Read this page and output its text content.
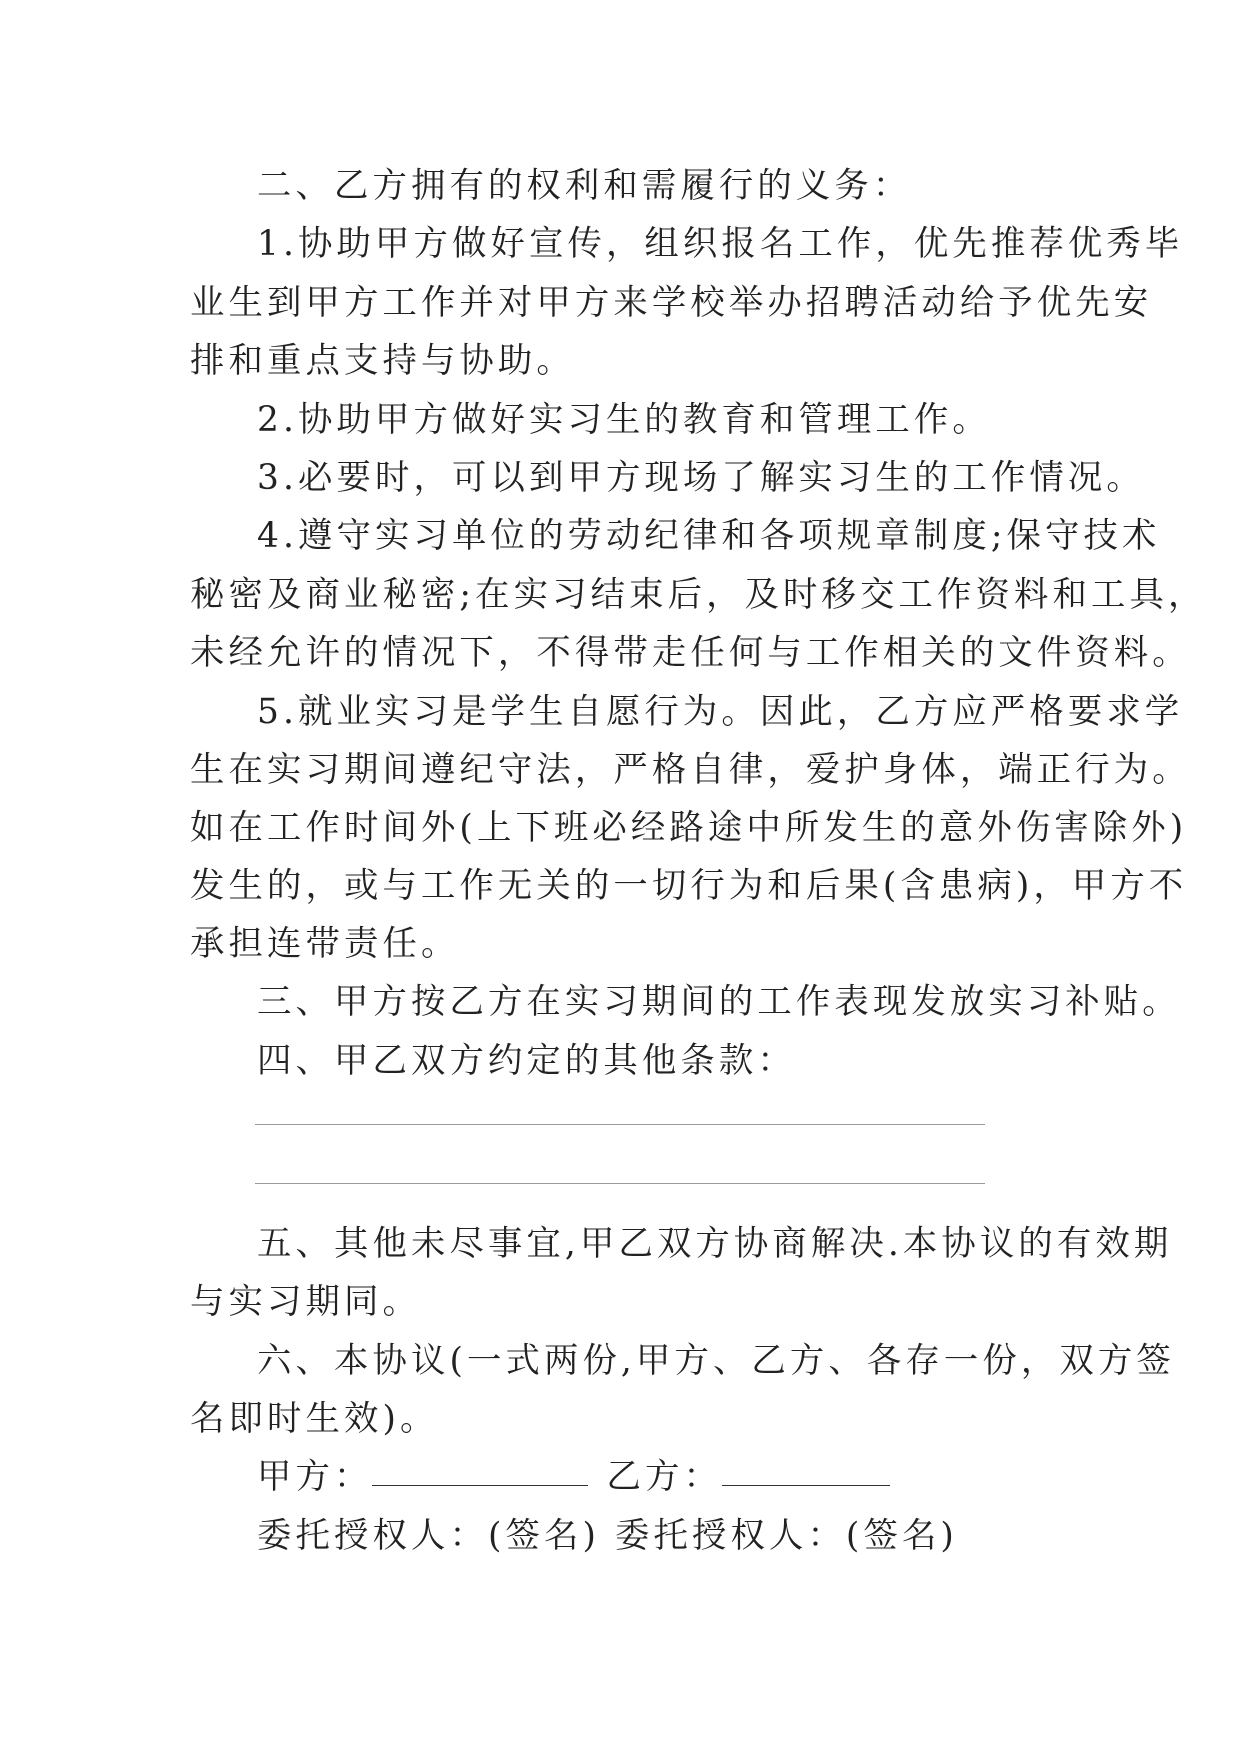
二、乙方拥有的权利和需履行的义务：
1.协助甲方做好宣传，组织报名工作，优先推荐优秀毕
业生到甲方工作并对甲方来学校举办招聘活动给予优先安
排和重点支持与协助。
2.协助甲方做好实习生的教育和管理工作。
3.必要时，可以到甲方现场了解实习生的工作情况。
4.遵守实习单位的劳动纪律和各项规章制度;保守技术
秘密及商业秘密;在实习结束后，及时移交工作资料和工具，
未经允许的情况下，不得带走任何与工作相关的文件资料。
5.就业实习是学生自愿行为。因此，乙方应严格要求学
生在实习期间遵纪守法，严格自律，爱护身体，端正行为。
如在工作时间外(上下班必经路途中所发生的意外伤害除外)
发生的，或与工作无关的一切行为和后果(含患病)，甲方不
承担连带责任。
三、甲方按乙方在实习期间的工作表现发放实习补贴。
四、甲乙双方约定的其他条款：
五、其他未尽事宜,甲乙双方协商解决.本协议的有效期
与实习期同。
六、本协议(一式两份,甲方、乙方、各存一份，双方签
名即时生效)。
甲方：	乙方：
委托授权人：(签名) 委托授权人：(签名)
